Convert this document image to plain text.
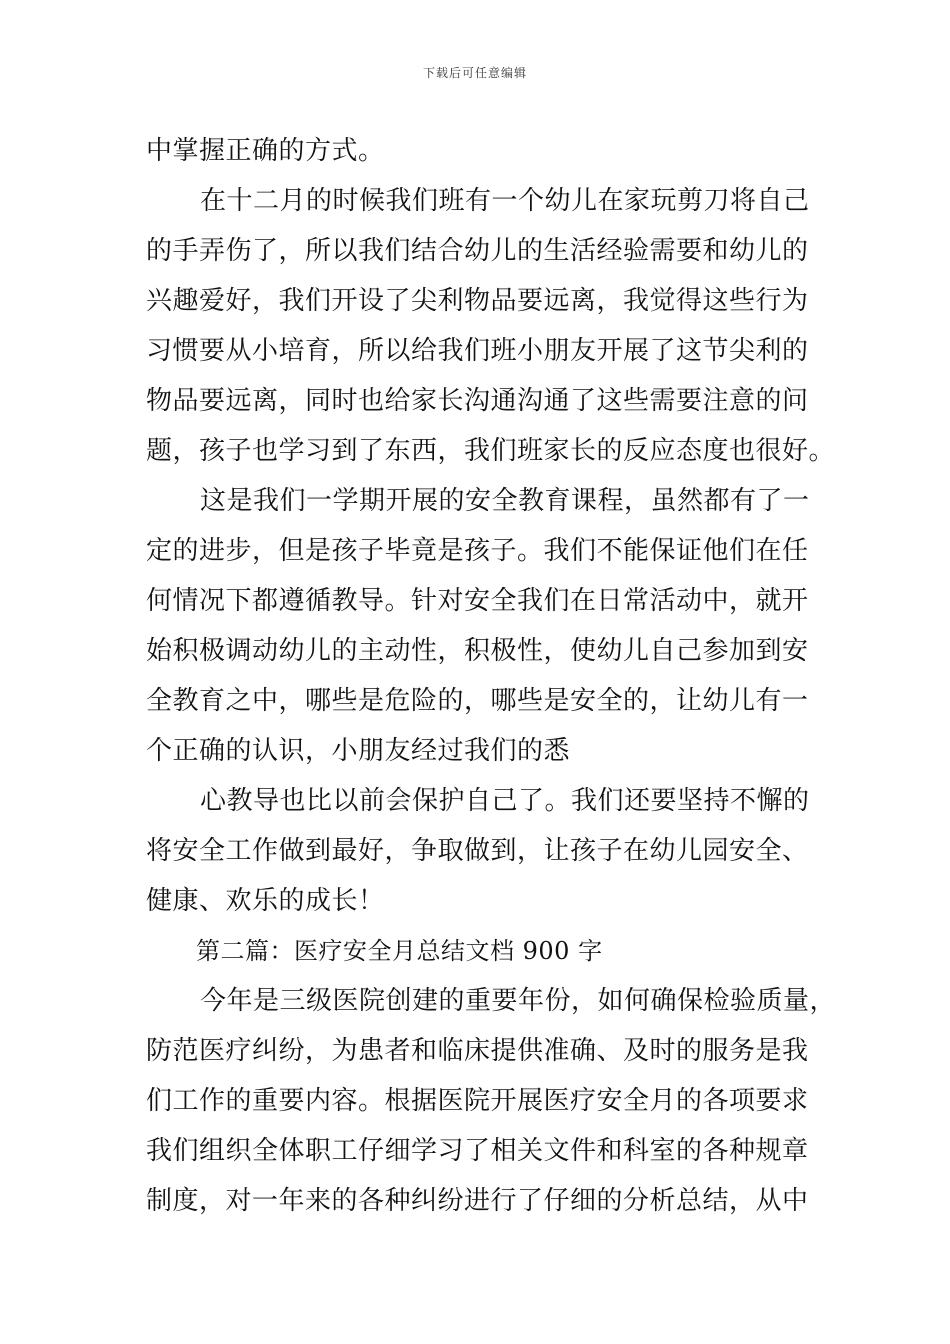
下载后可任意编辑
中掌握正确的方式。
在十二月的时候我们班有一个幼儿在家玩剪刀将自己
的手弄伤了，所以我们结合幼儿的生活经验需要和幼儿的
兴趣爱好，我们开设了尖利物品要远离，我觉得这些行为
习惯要从小培育，所以给我们班小朋友开展了这节尖利的
物品要远离，同时也给家长沟通沟通了这些需要注意的问
题，孩子也学习到了东西，我们班家长的反应态度也很好。
这是我们一学期开展的安全教育课程，虽然都有了一
定的进步，但是孩子毕竟是孩子。我们不能保证他们在任
何情况下都遵循教导。针对安全我们在日常活动中，就开
始积极调动幼儿的主动性，积极性，使幼儿自己参加到安
全教育之中，哪些是危险的，哪些是安全的，让幼儿有一
个正确的认识，小朋友经过我们的悉
心教导也比以前会保护自己了。我们还要坚持不懈的
将安全工作做到最好，争取做到，让孩子在幼儿园安全、
健康、欢乐的成长！
第二篇：医疗安全月总结文档 900 字
今年是三级医院创建的重要年份，如何确保检验质量，
防范医疗纠纷，为患者和临床提供准确、及时的服务是我
们工作的重要内容。根据医院开展医疗安全月的各项要求
我们组织全体职工仔细学习了相关文件和科室的各种规章
制度，对一年来的各种纠纷进行了仔细的分析总结，从中
